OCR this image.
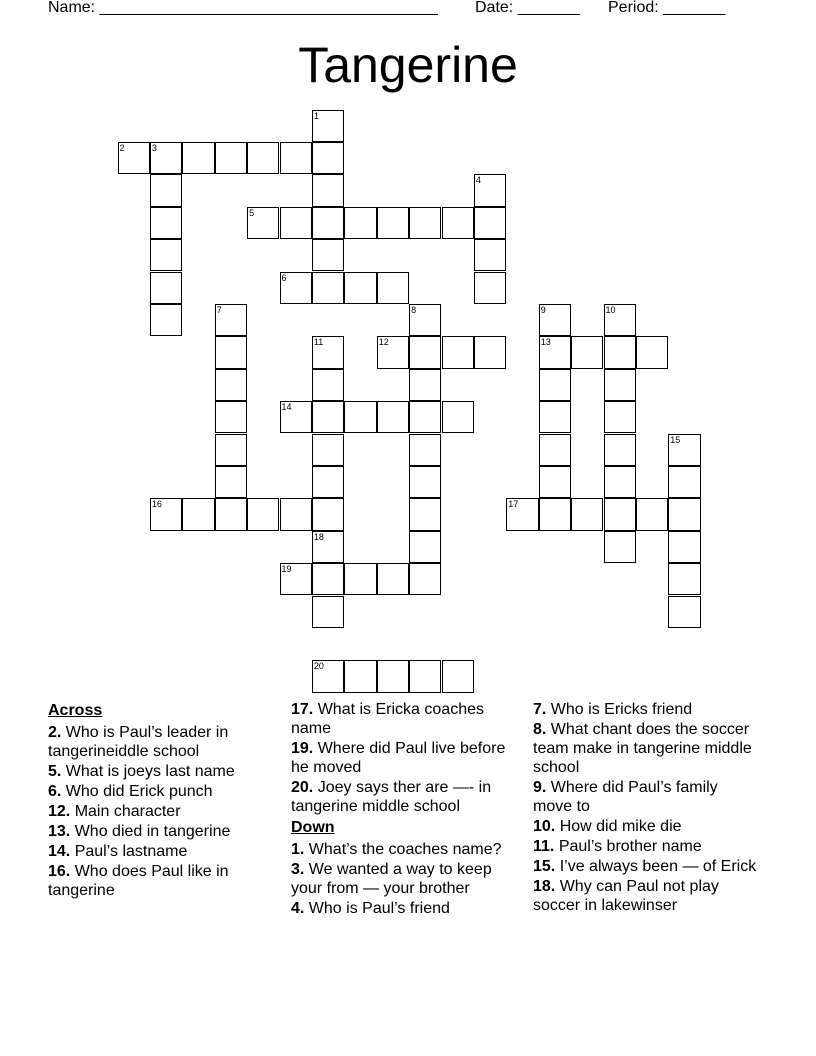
Name: ______________________________________ Date: _______ Period: _______
Tangerine
1
2	3
4
5
6
7	8	9
13
10
11	12
14
15
16	17
18
19
20
Across
2. Who is Paul’s leader in tangerineiddle school
5. What is joeys last name
6. Who did Erick punch
12. Main character
13. Who died in tangerine
14. Paul’s lastname
16. Who does Paul like in tangerine
17. What is Ericka coaches name
19. Where did Paul live before he moved
20. Joey says ther are —- in tangerine middle school
Down
1. What’s the coaches name?
3. We wanted a way to keep your from — your brother
4. Who is Paul’s friend
7. Who is Ericks friend
8. What chant does the soccer team make in tangerine middle school
9. Where did Paul’s family move to
10. How did mike die
11. Paul’s brother name
15. I’ve always been — of Erick
18. Why can Paul not play soccer in lakewinser
